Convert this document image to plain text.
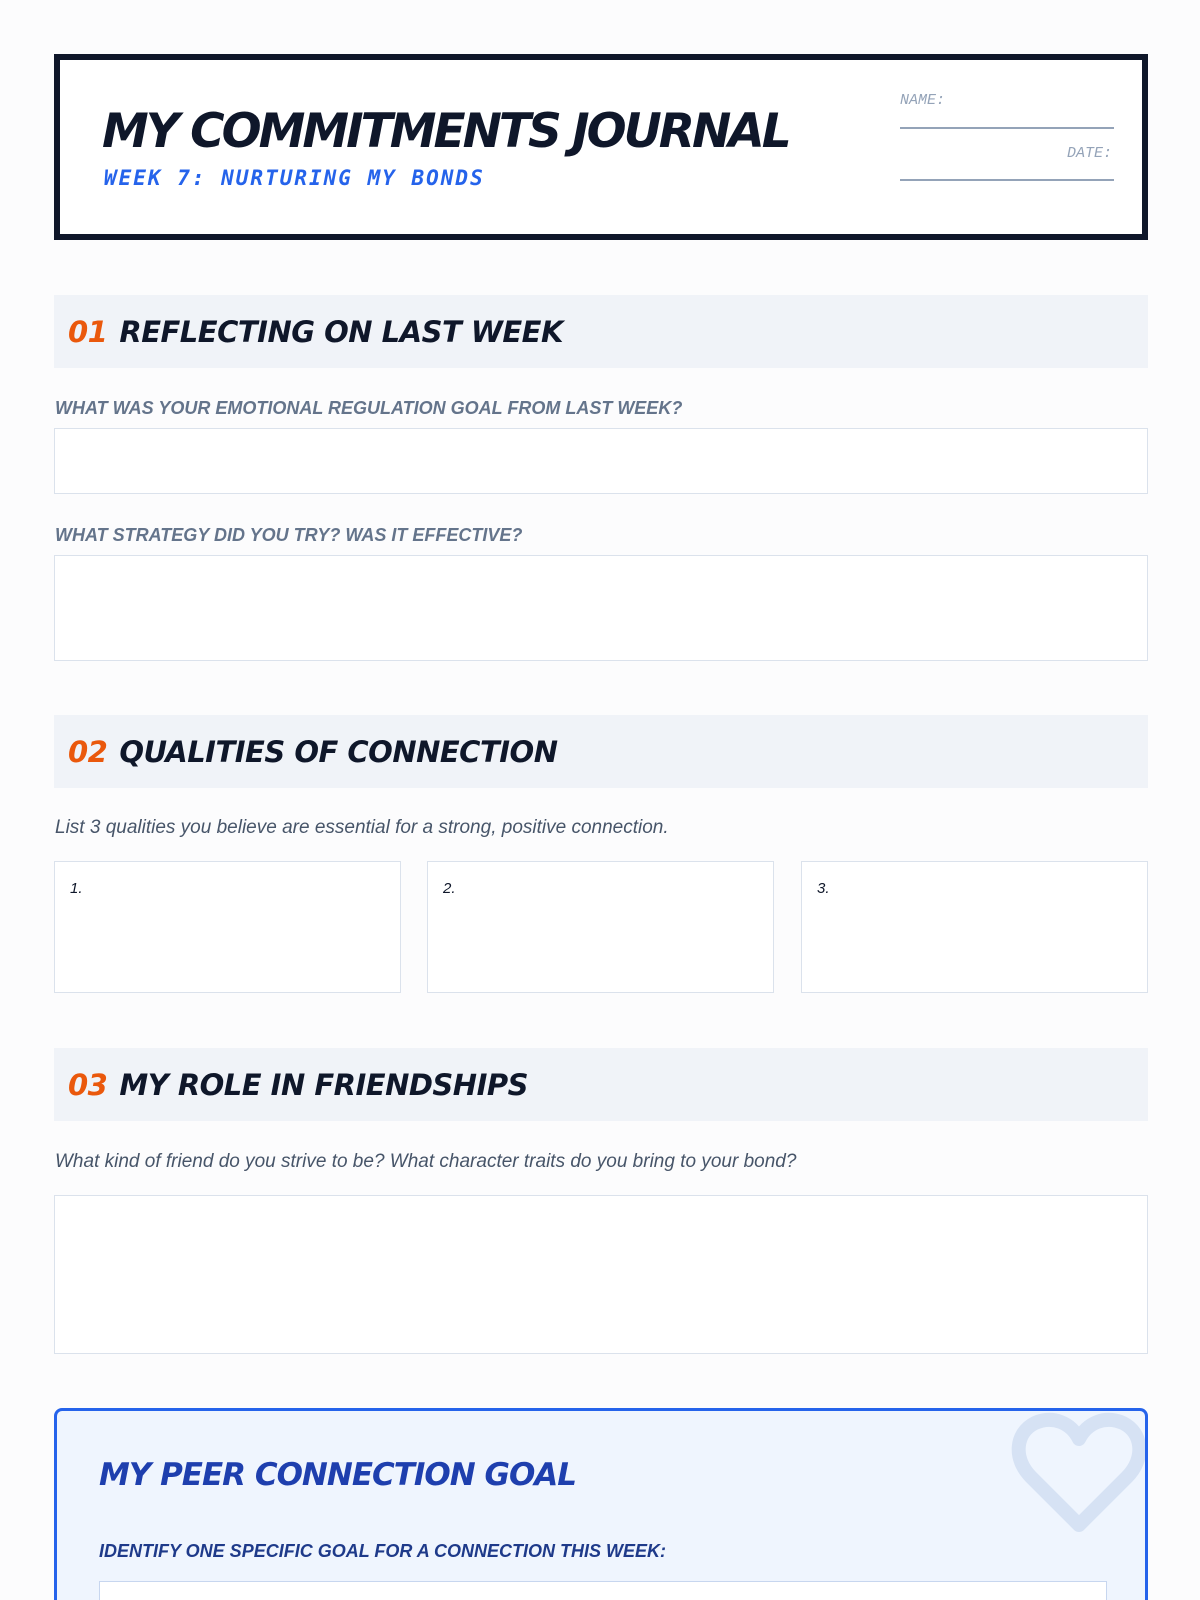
MY COMMITMENTS JOURNAL
WEEK 7: NURTURING MY BONDS
NAME:
DATE:
01 REFLECTING ON LAST WEEK
WHAT WAS YOUR EMOTIONAL REGULATION GOAL FROM LAST WEEK?
WHAT STRATEGY DID YOU TRY? WAS IT EFFECTIVE?
02 QUALITIES OF CONNECTION
List 3 qualities you believe are essential for a strong, positive connection.
1.	2.	3.
03 MY ROLE IN FRIENDSHIPS
What kind of friend do you strive to be? What character traits do you bring to your bond?
MY PEER CONNECTION GOAL
IDENTIFY ONE SPECIFIC GOAL FOR A CONNECTION THIS WEEK:
